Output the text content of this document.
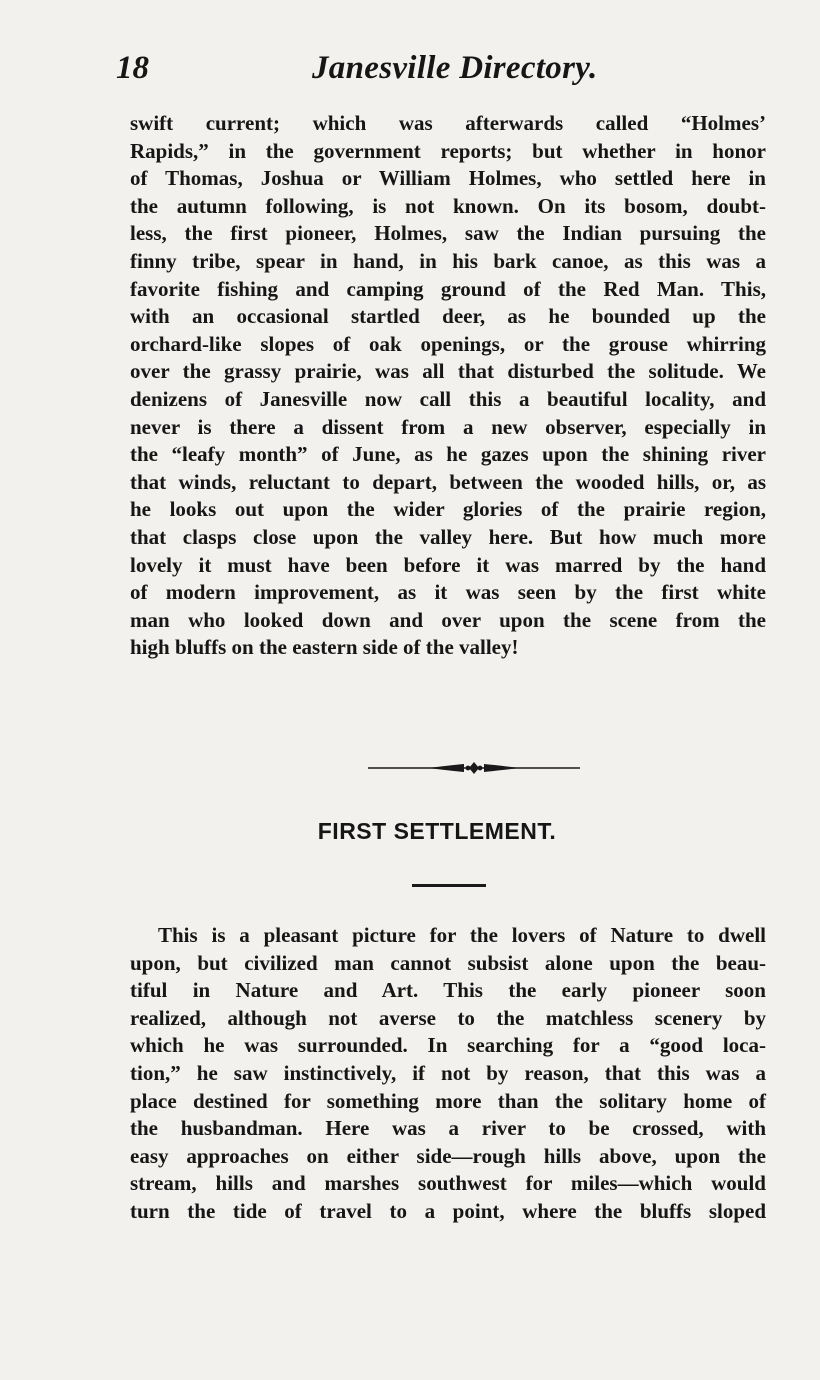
18	Janesville Directory.
swift current; which was afterwards called “Holmes’
Rapids,” in the government reports; but whether in honor
of Thomas, Joshua or William Holmes, who settled here in
the autumn following, is not known. On its bosom, doubt-
less, the first pioneer, Holmes, saw the Indian pursuing the
finny tribe, spear in hand, in his bark canoe, as this was a
favorite fishing and camping ground of the Red Man. This,
with an occasional startled deer, as he bounded up the
orchard-like slopes of oak openings, or the grouse whirring
over the grassy prairie, was all that disturbed the solitude. We
denizens of Janesville now call this a beautiful locality, and
never is there a dissent from a new observer, especially in
the “leafy month” of June, as he gazes upon the shining river
that winds, reluctant to depart, between the wooded hills, or, as
he looks out upon the wider glories of the prairie region,
that clasps close upon the valley here. But how much more
lovely it must have been before it was marred by the hand
of modern improvement, as it was seen by the first white
man who looked down and over upon the scene from the
high bluffs on the eastern side of the valley!
FIRST SETTLEMENT.
This is a pleasant picture for the lovers of Nature to dwell
upon, but civilized man cannot subsist alone upon the beau-
tiful in Nature and Art. This the early pioneer soon
realized, although not averse to the matchless scenery by
which he was surrounded. In searching for a “good loca-
tion,” he saw instinctively, if not by reason, that this was a
place destined for something more than the solitary home of
the husbandman. Here was a river to be crossed, with
easy approaches on either side—rough hills above, upon the
stream, hills and marshes southwest for miles—which would
turn the tide of travel to a point, where the bluffs sloped
